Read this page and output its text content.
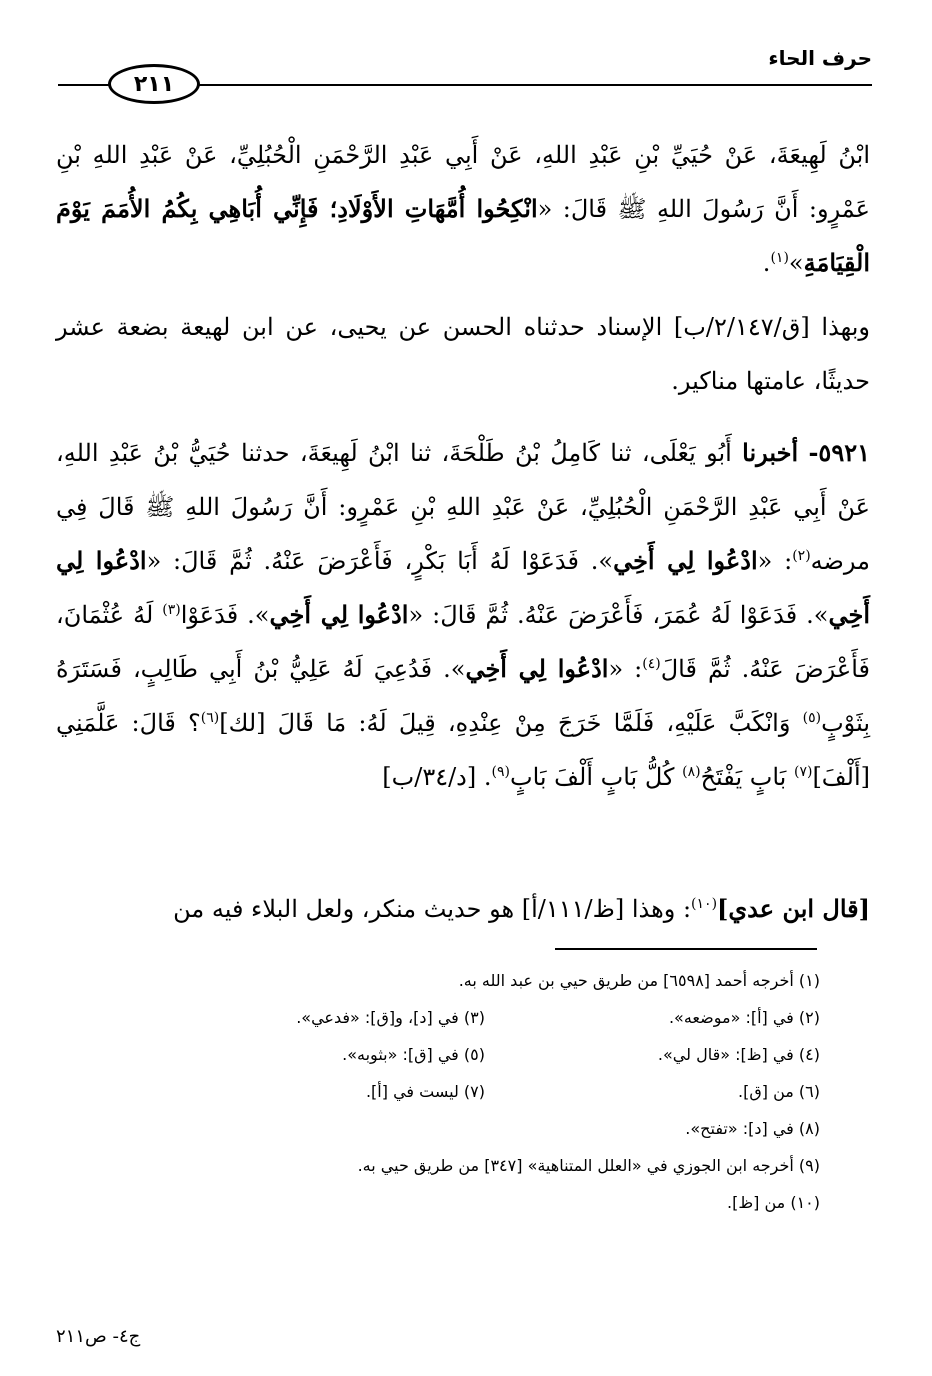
حرف الحاء
٢١١
ابْنُ لَهِيعَةَ، عَنْ حُيَيِّ بْنِ عَبْدِ اللهِ، عَنْ أَبِي عَبْدِ الرَّحْمَنِ الْحُبُلِيِّ، عَنْ عَبْدِ اللهِ بْنِ عَمْرٍو: أَنَّ رَسُولَ اللهِ ﷺ قَالَ: «انْكِحُوا أُمَّهَاتِ الأَوْلَادِ؛ فَإِنِّي أُبَاهِي بِكُمُ الأُمَمَ يَوْمَ الْقِيَامَةِ»$^{(١)}$.
وبهذا [ق/٢/١٤٧/ب] الإسناد حدثناه الحسن عن يحيى، عن ابن لهيعة بضعة عشر حديثًا، عامتها مناكير.
٥٩٢١- أخبرنا أَبُو يَعْلَى، ثنا كَامِلُ بْنُ طَلْحَةَ، ثنا ابْنُ لَهِيعَةَ، حدثنا حُيَيُّ بْنُ عَبْدِ اللهِ، عَنْ أَبِي عَبْدِ الرَّحْمَنِ الْحُبُلِيِّ، عَنْ عَبْدِ اللهِ بْنِ عَمْرٍو: أَنَّ رَسُولَ اللهِ ﷺ قَالَ فِي مرضه$^{(٢)}$: «ادْعُوا لِي أَخِي». فَدَعَوْا لَهُ أَبَا بَكْرٍ، فَأَعْرَضَ عَنْهُ. ثُمَّ قَالَ: «ادْعُوا لِي أَخِي». فَدَعَوْا لَهُ عُمَرَ، فَأَعْرَضَ عَنْهُ. ثُمَّ قَالَ: «ادْعُوا لِي أَخِي». فَدَعَوْا$^{(٣)}$ لَهُ عُثْمَانَ، فَأَعْرَضَ عَنْهُ. ثُمَّ قَالَ$^{(٤)}$: «ادْعُوا لِي أَخِي». فَدُعِيَ لَهُ عَلِيُّ بْنُ أَبِي طَالِبٍ، فَسَتَرَهُ بِثَوْبٍ$^{(٥)}$ وَانْكَبَّ عَلَيْهِ، فَلَمَّا خَرَجَ مِنْ عِنْدِهِ، قِيلَ لَهُ: مَا قَالَ [لك]$^{(٦)}$؟ قَالَ: عَلَّمَنِي [أَلْفَ]$^{(٧)}$ بَابٍ يَفْتَحُ$^{(٨)}$ كُلُّ بَابٍ أَلْفَ بَابٍ$^{(٩)}$. [د/٣٤/ب]
[قال ابن عدي]$^{(١٠)}$: وهذا [ظ/١١١/أ] هو حديث منكر، ولعل البلاء فيه من
(١) أخرجه أحمد [٦٥٩٨] من طريق حيي بن عبد الله به.
(٢) في [أ]: «موضعه».
(٣) في [د]، و[ق]: «فدعي».
(٤) في [ظ]: «قال لي».
(٥) في [ق]: «بثوبه».
(٦) من [ق].
(٧) ليست في [أ].
(٨) في [د]: «تفتح».
(٩) أخرجه ابن الجوزي في «العلل المتناهية» [٣٤٧] من طريق حيي به.
(١٠) من [ظ].
ج٤- ص٢١١
